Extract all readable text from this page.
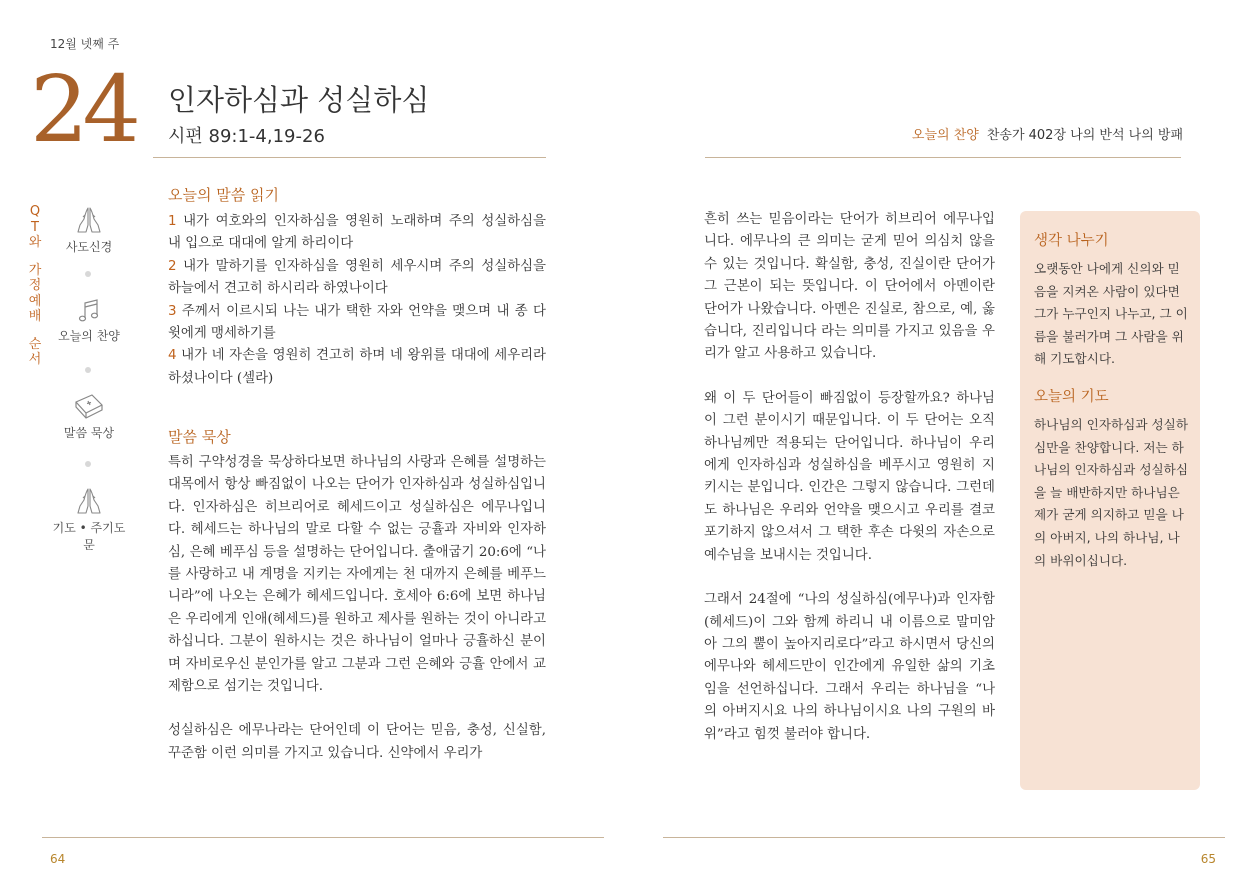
12월 넷째 주
24 인자하심과 성실하심
시편 89:1-4,19-26	오늘의 찬양 찬송가 402장 나의 반석 나의 방패
Q
T
와
가
정
예
배
순
서
사도신경
오늘의 찬양
말씀 묵상
기도 • 주기도문
오늘의 말씀 읽기

1 내가 여호와의 인자하심을 영원히 노래하며 주의 성실하심을 내 입으로 대대에 알게 하리이다

2 내가 말하기를 인자하심을 영원히 세우시며 주의 성실하심을 하늘에서 견고히 하시리라 하였나이다

3 주께서 이르시되 나는 내가 택한 자와 언약을 맺으며 내 종 다윗에게 맹세하기를

4 내가 네 자손을 영원히 견고히 하며 네 왕위를 대대에 세우리라 하셨나이다 (셀라)

말씀 묵상

특히 구약성경을 묵상하다보면 하나님의 사랑과 은혜를 설명하는 대목에서 항상 빠짐없이 나오는 단어가 인자하심과 성실하심입니다. 인자하심은 히브리어로 헤세드이고 성실하심은 에무나입니다. 헤세드는 하나님의 말로 다할 수 없는 긍휼과 자비와 인자하심, 은혜 베푸심 등을 설명하는 단어입니다. 출애굽기 20:6에 “나를 사랑하고 내 계명을 지키는 자에게는 천 대까지 은혜를 베푸느니라”에 나오는 은혜가 헤세드입니다. 호세아 6:6에 보면 하나님은 우리에게 인애(헤세드)를 원하고 제사를 원하는 것이 아니라고 하십니다. 그분이 원하시는 것은 하나님이 얼마나 긍휼하신 분이며 자비로우신 분인가를 알고 그분과 그런 은혜와 긍휼 안에서 교제함으로 섬기는 것입니다.

성실하심은 에무나라는 단어인데 이 단어는 믿음, 충성, 신실함, 꾸준함 이런 의미를 가지고 있습니다. 신약에서 우리가

흔히 쓰는 믿음이라는 단어가 히브리어 에무나입니다. 에무나의 큰 의미는 굳게 믿어 의심치 않을 수 있는 것입니다. 확실함, 충성, 진실이란 단어가 그 근본이 되는 뜻입니다. 이 단어에서 아멘이란 단어가 나왔습니다. 아멘은 진실로, 참으로, 예, 옳습니다, 진리입니다 라는 의미를 가지고 있음을 우리가 알고 사용하고 있습니다.

왜 이 두 단어들이 빠짐없이 등장할까요? 하나님이 그런 분이시기 때문입니다. 이 두 단어는 오직 하나님께만 적용되는 단어입니다. 하나님이 우리에게 인자하심과 성실하심을 베푸시고 영원히 지키시는 분입니다. 인간은 그렇지 않습니다. 그런데도 하나님은 우리와 언약을 맺으시고 우리를 결코 포기하지 않으셔서 그 택한 후손 다윗의 자손으로 예수님을 보내시는 것입니다.

그래서 24절에 “나의 성실하심(에무나)과 인자함(헤세드)이 그와 함께 하리니 내 이름으로 말미암아 그의 뿔이 높아지리로다”라고 하시면서 당신의 에무나와 헤세드만이 인간에게 유일한 삶의 기초임을 선언하십니다. 그래서 우리는 하나님을 “나의 아버지시요 나의 하나님이시요 나의 구원의 바위”라고 힘껏 불러야 합니다.

생각 나누기
오랫동안 나에게 신의와 믿음을 지켜온 사람이 있다면 그가 누구인지 나누고, 그 이름을 불러가며 그 사람을 위해 기도합시다.
오늘의 기도
하나님의 인자하심과 성실하심만을 찬양합니다. 저는 하나님의 인자하심과 성실하심을 늘 배반하지만 하나님은 제가 굳게 의지하고 믿을 나의 아버지, 나의 하나님, 나의 바위이십니다.
64	65
